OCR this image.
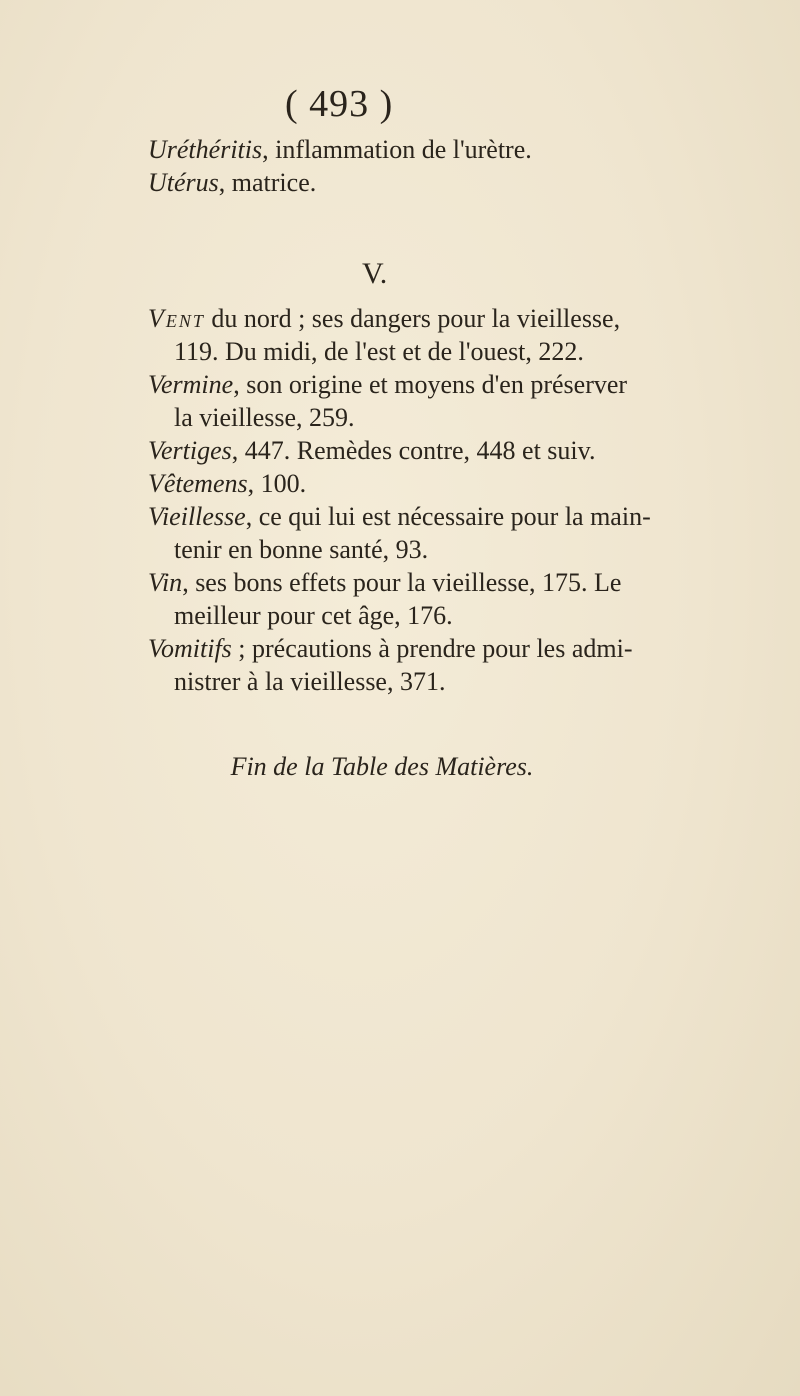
( 493 )

Uréthéritis, inflammation de l'urètre.

Utérus, matrice.

V.

Vent du nord ; ses dangers pour la vieillesse,
119. Du midi, de l'est et de l'ouest, 222.

Vermine, son origine et moyens d'en préserver
la vieillesse, 259.

Vertiges, 447. Remèdes contre, 448 et suiv.

Vêtemens, 100.

Vieillesse, ce qui lui est nécessaire pour la main-
tenir en bonne santé, 93.

Vin, ses bons effets pour la vieillesse, 175. Le
meilleur pour cet âge, 176.

Vomitifs ; précautions à prendre pour les admi-
nistrer à la vieillesse, 371.

Fin de la Table des Matières.
